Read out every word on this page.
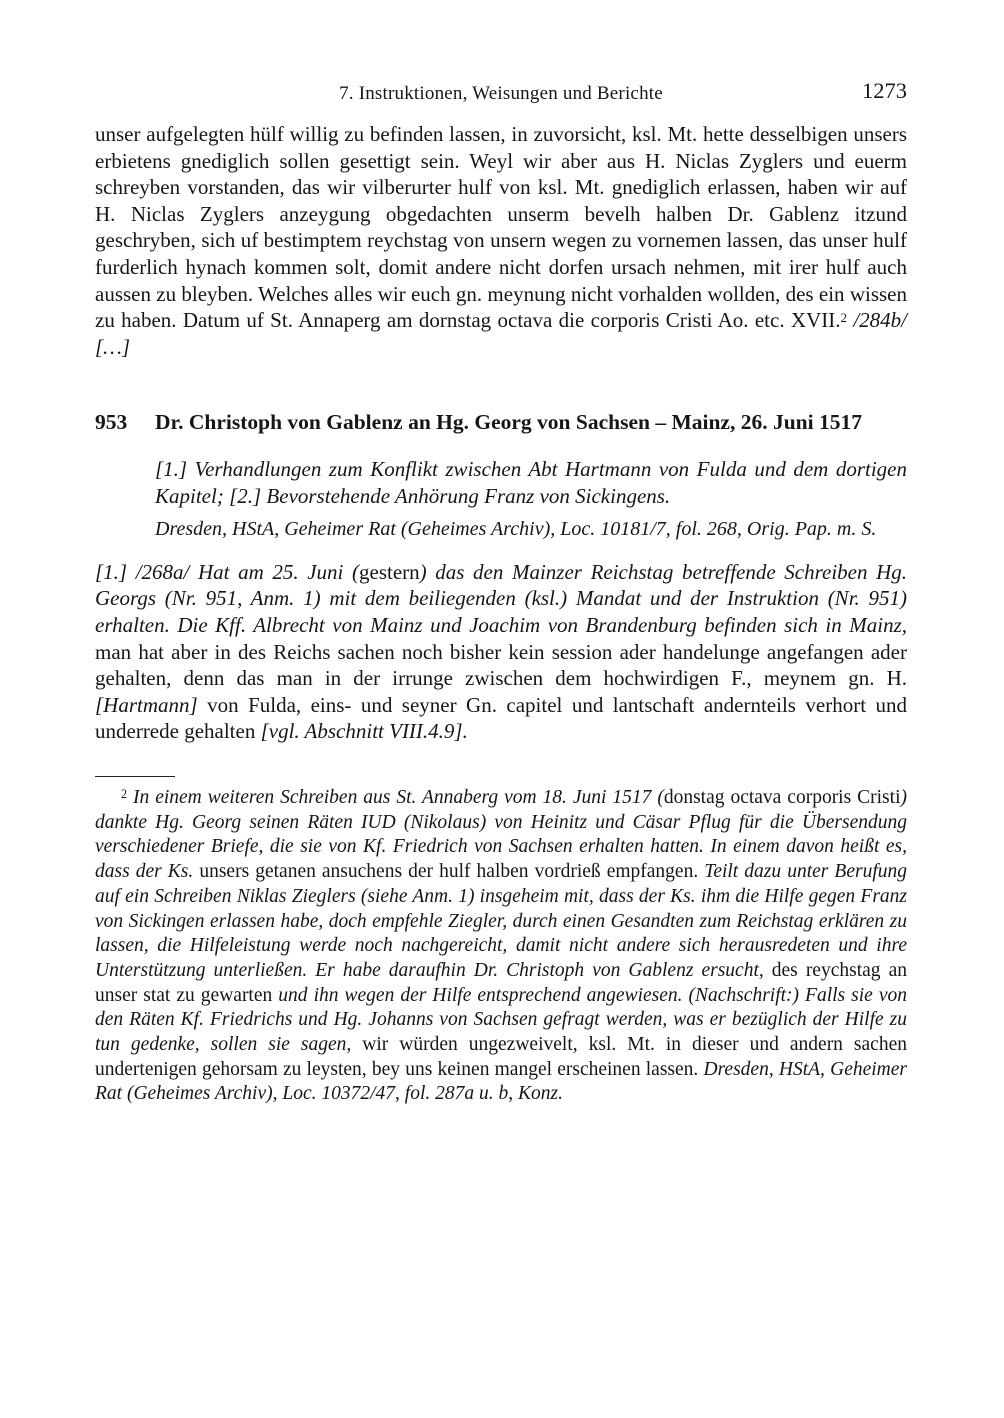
7. Instruktionen, Weisungen und Berichte	1273

unser aufgelegten hülf willig zu befinden lassen, in zuvorsicht, ksl. Mt. hette desselbigen unsers erbietens gnediglich sollen gesettigt sein. Weyl wir aber aus H. Niclas Zyglers und euerm schreyben vorstanden, das wir vilberurter hulf von ksl. Mt. gnediglich erlassen, haben wir auf H. Niclas Zyglers anzeygung obgedachten unserm bevelh halben Dr. Gablenz itzund geschryben, sich uf bestimptem reychstag von unsern wegen zu vornemen lassen, das unser hulf furderlich hynach kommen solt, domit andere nicht dorfen ursach nehmen, mit irer hulf auch aussen zu bleyben. Welches alles wir euch gn. meynung nicht vorhalden wollden, des ein wissen zu haben. Datum uf St. Annaperg am dornstag octava die corporis Cristi Ao. etc. XVII.$^2$ /284b/ […]

953	Dr. Christoph von Gablenz an Hg. Georg von Sachsen – Mainz, 26. Juni 1517

[1.] Verhandlungen zum Konflikt zwischen Abt Hartmann von Fulda und dem dortigen Kapitel; [2.] Bevorstehende Anhörung Franz von Sickingens.

Dresden, HStA, Geheimer Rat (Geheimes Archiv), Loc. 10181/7, fol. 268, Orig. Pap. m. S.

[1.] /268a/ Hat am 25. Juni (gestern) das den Mainzer Reichstag betreffende Schreiben Hg. Georgs (Nr. 951, Anm. 1) mit dem beiliegenden (ksl.) Mandat und der Instruktion (Nr. 951) erhalten. Die Kff. Albrecht von Mainz und Joachim von Brandenburg befinden sich in Mainz, man hat aber in des Reichs sachen noch bisher kein session ader handelunge angefangen ader gehalten, denn das man in der irrunge zwischen dem hochwirdigen F., meynem gn. H. [Hartmann] von Fulda, eins- und seyner Gn. capitel und lantschaft andernteils verhort und underrede gehalten [vgl. Abschnitt VIII.4.9].

$^2$ In einem weiteren Schreiben aus St. Annaberg vom 18. Juni 1517 (donstag octava corporis Cristi) dankte Hg. Georg seinen Räten IUD (Nikolaus) von Heinitz und Cäsar Pflug für die Übersendung verschiedener Briefe, die sie von Kf. Friedrich von Sachsen erhalten hatten. In einem davon heißt es, dass der Ks. unsers getanen ansuchens der hulf halben vordrieß empfangen. Teilt dazu unter Berufung auf ein Schreiben Niklas Zieglers (siehe Anm. 1) insgeheim mit, dass der Ks. ihm die Hilfe gegen Franz von Sickingen erlassen habe, doch empfehle Ziegler, durch einen Gesandten zum Reichstag erklären zu lassen, die Hilfeleistung werde noch nachgereicht, damit nicht andere sich herausredeten und ihre Unterstützung unterließen. Er habe daraufhin Dr. Christoph von Gablenz ersucht, des reychstag an unser stat zu gewarten und ihn wegen der Hilfe entsprechend angewiesen. (Nachschrift:) Falls sie von den Räten Kf. Friedrichs und Hg. Johanns von Sachsen gefragt werden, was er bezüglich der Hilfe zu tun gedenke, sollen sie sagen, wir würden ungezweivelt, ksl. Mt. in dieser und andern sachen undertenigen gehorsam zu leysten, bey uns keinen mangel erscheinen lassen. Dresden, HStA, Geheimer Rat (Geheimes Archiv), Loc. 10372/47, fol. 287a u. b, Konz.
